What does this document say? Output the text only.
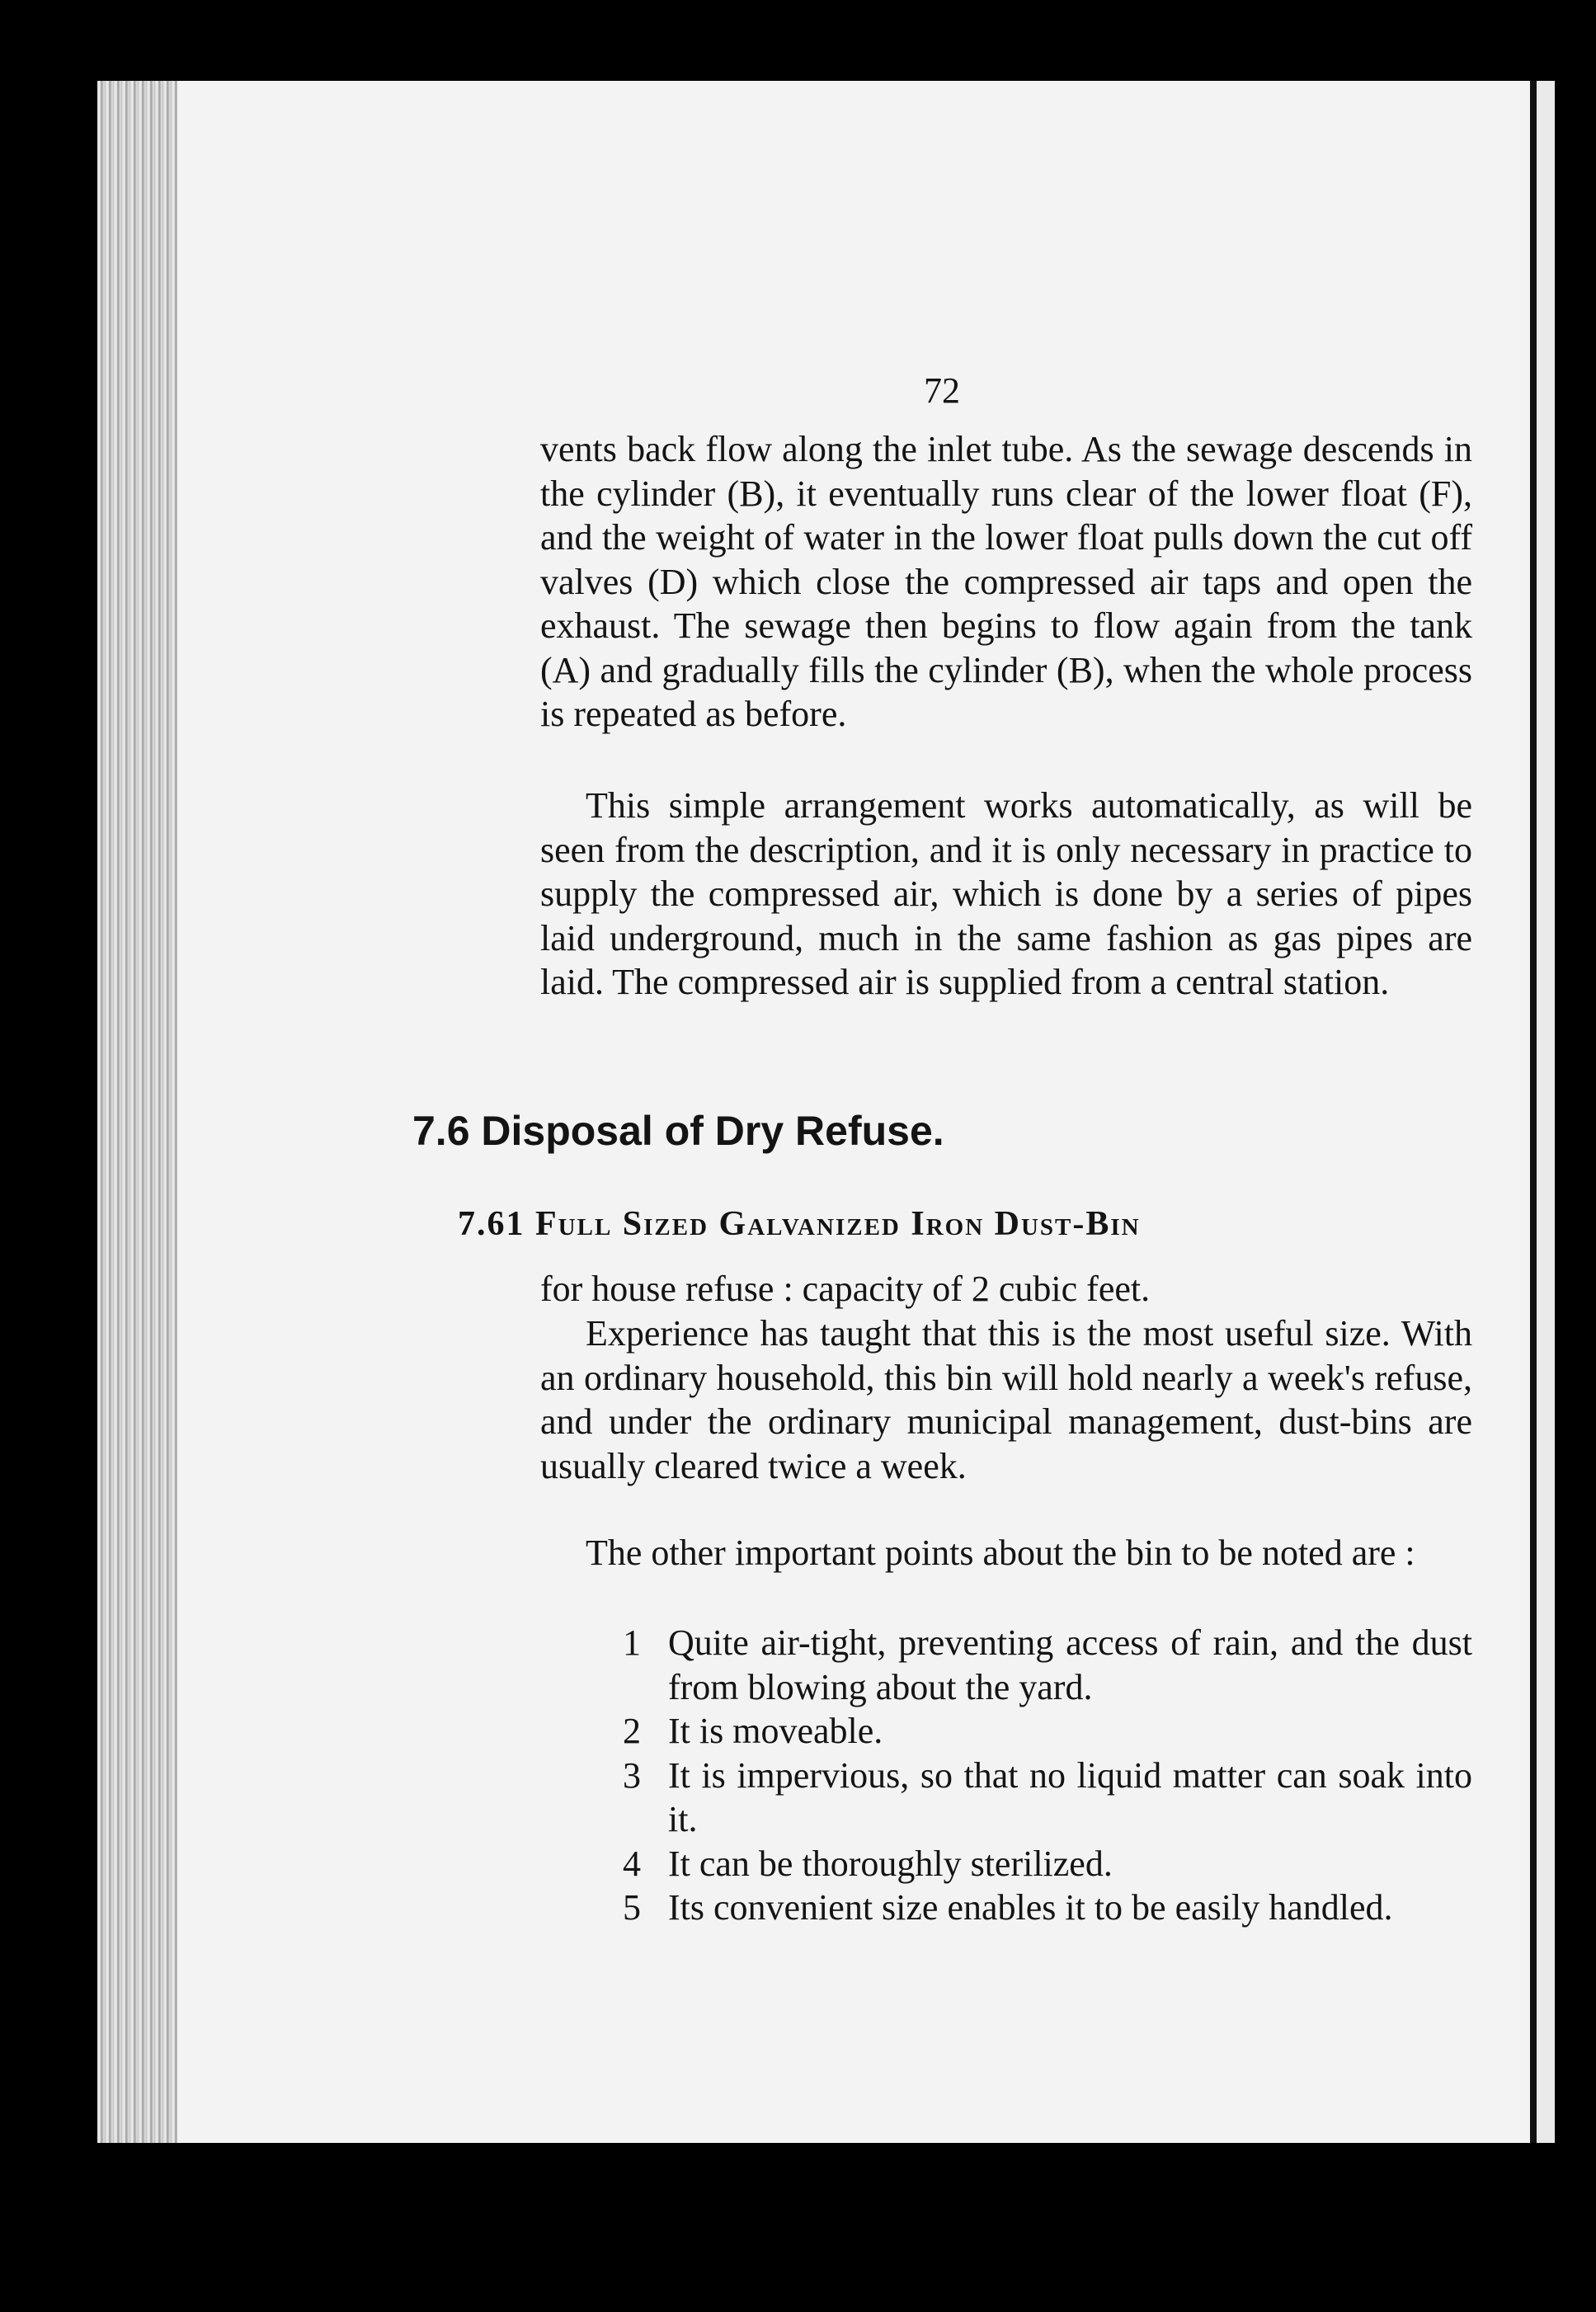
72

vents back flow along the inlet tube. As the sewage descends in the cylinder (B), it eventually runs clear of the lower float (F), and the weight of water in the lower float pulls down the cut off valves (D) which close the compressed air taps and open the exhaust. The sewage then begins to flow again from the tank (A) and gradually fills the cylinder (B), when the whole process is repeated as before.

This simple arrangement works automatically, as will be seen from the description, and it is only necessary in practice to supply the compressed air, which is done by a series of pipes laid underground, much in the same fashion as gas pipes are laid. The compressed air is supplied from a central station.

7.6 Disposal of Dry Refuse.
7.61 Full Sized Galvanized Iron Dust-Bin

for house refuse : capacity of 2 cubic feet.

Experience has taught that this is the most useful size. With an ordinary household, this bin will hold nearly a week's refuse, and under the ordinary municipal management, dust-bins are usually cleared twice a week.

The other important points about the bin to be noted are :

1 Quite air-tight, preventing access of rain, and the dust from blowing about the yard.
2 It is moveable.
3 It is impervious, so that no liquid matter can soak into it.
4 It can be thoroughly sterilized.
5 Its convenient size enables it to be easily handled.
